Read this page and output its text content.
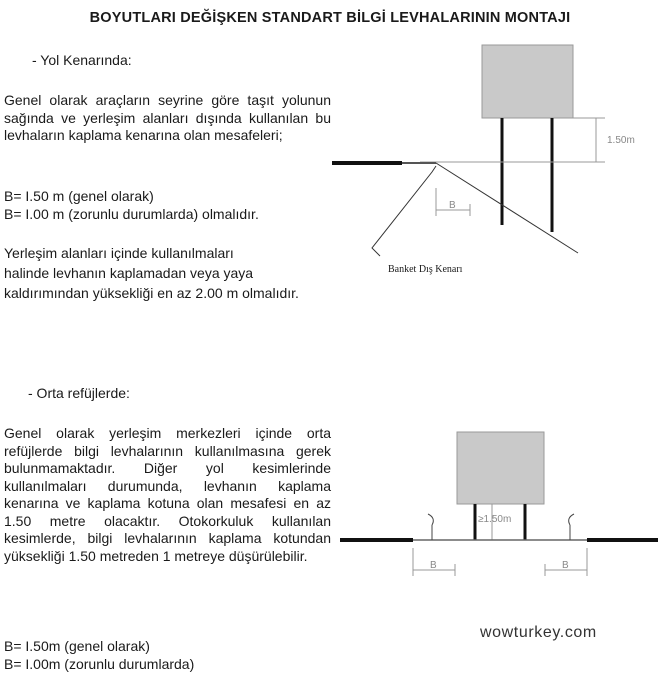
BOYUTLARI DEĞİŞKEN STANDART BİLGİ LEVHALARININ MONTAJI
- Yol Kenarında:
Genel olarak araçların seyrine göre taşıt yolunun sağında ve yerleşim alanları dışında kullanılan bu levhaların kaplama kenarına olan mesafeleri;
B= I.50 m (genel olarak)
B= I.00 m (zorunlu durumlarda) olmalıdır.
Yerleşim alanları içinde kullanılmaları
halinde levhanın kaplamadan veya yaya
kaldırımından yüksekliği en az 2.00 m olmalıdır.
1.50m
B
Banket Dış Kenarı
- Orta refüjlerde:
Genel olarak yerleşim merkezleri içinde orta refüjlerde bilgi levhalarının kullanılmasına gerek bulunmamaktadır. Diğer yol kesimlerinde kullanılmaları durumunda, levhanın kaplama kenarına ve kaplama kotuna olan mesafesi en az 1.50 metre olacaktır. Otokorkuluk kullanılan kesimlerde, bilgi levhalarının kaplama kotundan yüksekliği 1.50 metreden 1 metreye düşürülebilir.
B= I.50m (genel olarak)
B= I.00m (zorunlu durumlarda)
≥1.50m
B	B
wowturkey.com
